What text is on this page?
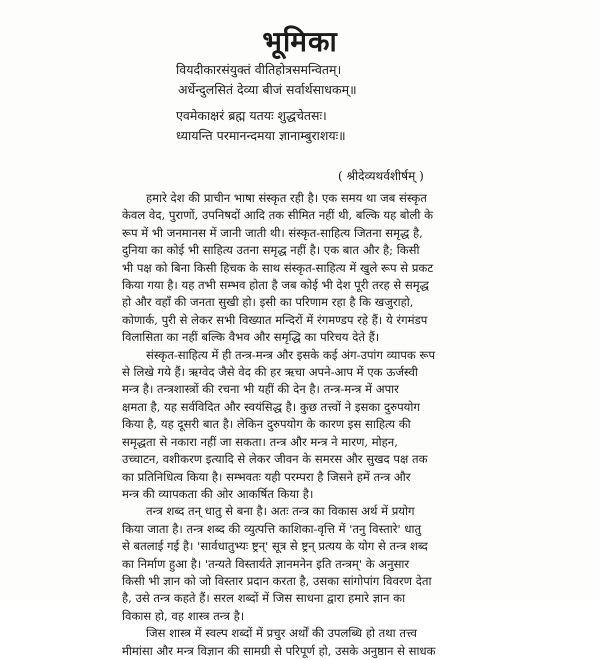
भूमिका
वियदीकारसंयुक्तं वीतिहोत्रसमन्वितम्।
अर्धेन्दुलसितं देव्या बीजं सर्वार्थसाधकम्॥
एवमेकाक्षरं ब्रह्म यतयः शुद्धचेतसः।
ध्यायन्ति परमानन्दमया ज्ञानाम्बुराशयः॥
( श्रीदेव्यथर्वशीर्षम् )
हमारे देश की प्राचीन भाषा संस्कृत रही है। एक समय था जब संस्कृत
केवल वेद, पुराणों, उपनिषदों आदि तक सीमित नहीं थी, बल्कि यह बोली के
रूप में भी जनमानस में जानी जाती थी। संस्कृत-साहित्य जितना समृद्ध है,
दुनिया का कोई भी साहित्य उतना समृद्ध नहीं है। एक बात और है; किसी
भी पक्ष को बिना किसी हिचक के साथ संस्कृत-साहित्य में खुले रूप से प्रकट
किया गया है। यह तभी सम्भव होता है जब कोई भी देश पूरी तरह से समृद्ध
हो और वहाँ की जनता सुखी हो। इसी का परिणाम रहा है कि खजुराहो,
कोणार्क, पुरी से लेकर सभी विख्यात मन्दिरों में रंगमण्डप रहे हैं। ये रंगमंडप
विलासिता का नहीं बल्कि वैभव और समृद्धि का परिचय देते हैं।
संस्कृत-साहित्य में ही तन्त्र-मन्त्र और इसके कई अंग-उपांग व्यापक रूप
से लिखे गये हैं। ऋग्वेद जैसे वेद की हर ऋचा अपने-आप में एक ऊर्जस्वी
मन्त्र है। तन्त्रशास्त्रों की रचना भी यहीं की देन है। तन्त्र-मन्त्र में अपार
क्षमता है, यह सर्वविदित और स्वयंसिद्ध है। कुछ तत्त्वों ने इसका दुरुपयोग
किया है, यह दूसरी बात है। लेकिन दुरुपयोग के कारण इस साहित्य की
समृद्धता से नकारा नहीं जा सकता। तन्त्र और मन्त्र ने मारण, मोहन,
उच्चाटन, वशीकरण इत्यादि से लेकर जीवन के समरस और सुखद पक्ष तक
का प्रतिनिधित्व किया है। सम्भवतः यही परम्परा है जिसने हमें तन्त्र और
मन्त्र की व्यापकता की ओर आकर्षित किया है।
तन्त्र शब्द तन् धातु से बना है। अतः तन्त्र का विकास अर्थ में प्रयोग
किया जाता है। तन्त्र शब्द की व्युत्पत्ति काशिका-वृत्ति में 'तनु विस्तारे' धातु
से बतलाई गई है। 'सार्वधातुभ्यः ष्ट्रन्' सूत्र से ष्ट्रन् प्रत्यय के योग से तन्त्र शब्द
का निर्माण हुआ है। 'तन्यते विस्तार्यते ज्ञानमनेन इति तन्त्रम्' के अनुसार
किसी भी ज्ञान को जो विस्तार प्रदान करता है, उसका सांगोपांग विवरण देता
है, उसे तन्त्र कहते हैं। सरल शब्दों में जिस साधना द्वारा हमारे ज्ञान का
विकास हो, वह शास्त्र तन्त्र है।
जिस शास्त्र में स्वल्प शब्दों में प्रचुर अर्थों की उपलब्धि हो तथा तत्त्व
मीमांसा और मन्त्र विज्ञान की सामग्री से परिपूर्ण हो, उसके अनुष्ठान से साधक
